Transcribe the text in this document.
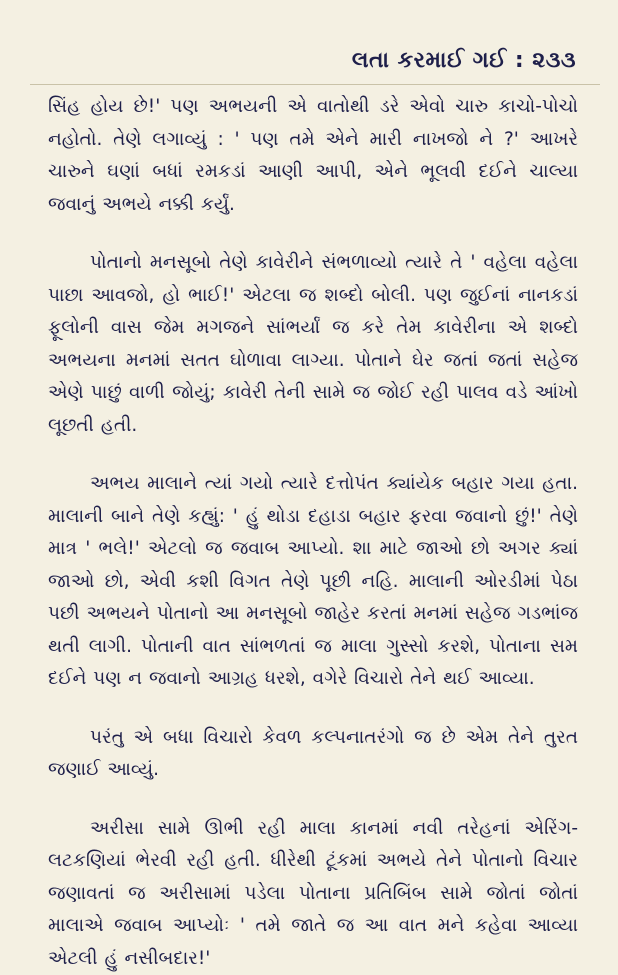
લતા કરમાઈ ગઈ : ૨૩૩

સિંહ હોય છે!' પણ અભયની એ વાતોથી ડરે એવો ચારુ કાચો-પોચો નહોતો. તેણે લગાવ્યું : ' પણ તમે એને મારી નાખજો ને ?' આખરે ચારુને ઘણાં બધાં રમકડાં આણી આપી, એને ભૂલવી દઈને ચાલ્યા જવાનું અભયે નક્કી કર્યું.

પોતાનો મનસૂબો તેણે કાવેરીને સંભળાવ્યો ત્યારે તે ' વહેલા વહેલા પાછા આવજો, હો ભાઈ!' એટલા જ શબ્દો બોલી. પણ જુઈનાં નાનકડાં ફૂલોની વાસ જેમ મગજને સાંભર્યાં જ કરે તેમ કાવેરીના એ શબ્દો અભયના મનમાં સતત ઘોળાવા લાગ્યા. પોતાને ઘેર જતાં જતાં સહેજ એણે પાછું વાળી જોયું; કાવેરી તેની સામે જ જોઈ રહી પાલવ વડે આંખો લૂછતી હતી.

અભય માલાને ત્યાં ગયો ત્યારે દત્તોપંત ક્યાંયેક બહાર ગયા હતા. માલાની બાને તેણે કહ્યું: ' હું થોડા દહાડા બહાર ફરવા જવાનો છું!' તેણે માત્ર ' ભલે!' એટલો જ જવાબ આપ્યો. શા માટે જાઓ છો અગર ક્યાં જાઓ છો, એવી કશી વિગત તેણે પૂછી નહિ. માલાની ઓરડીમાં પેઠા પછી અભયને પોતાનો આ મનસૂબો જાહેર કરતાં મનમાં સહેજ ગડભાંજ થતી લાગી. પોતાની વાત સાંભળતાં જ માલા ગુસ્સો કરશે, પોતાના સમ દઈને પણ ન જવાનો આગ્રહ ધરશે, વગેરે વિચારો તેને થઈ આવ્યા.

પરંતુ એ બધા વિચારો કેવળ કલ્પનાતરંગો જ છે એમ તેને તુરત જણાઈ આવ્યું.

અરીસા સામે ઊભી રહી માલા કાનમાં નવી તરેહનાં એરિંગ-લટકણિયાં ભેરવી રહી હતી. ધીરેથી ટૂંકમાં અભયે તેને પોતાનો વિચાર જણાવતાં જ અરીસામાં પડેલા પોતાના પ્રતિબિંબ સામે જોતાં જોતાં માલાએ જવાબ આપ્યોઃ ' તમે જાતે જ આ વાત મને કહેવા આવ્યા એટલી હું નસીબદાર!'
